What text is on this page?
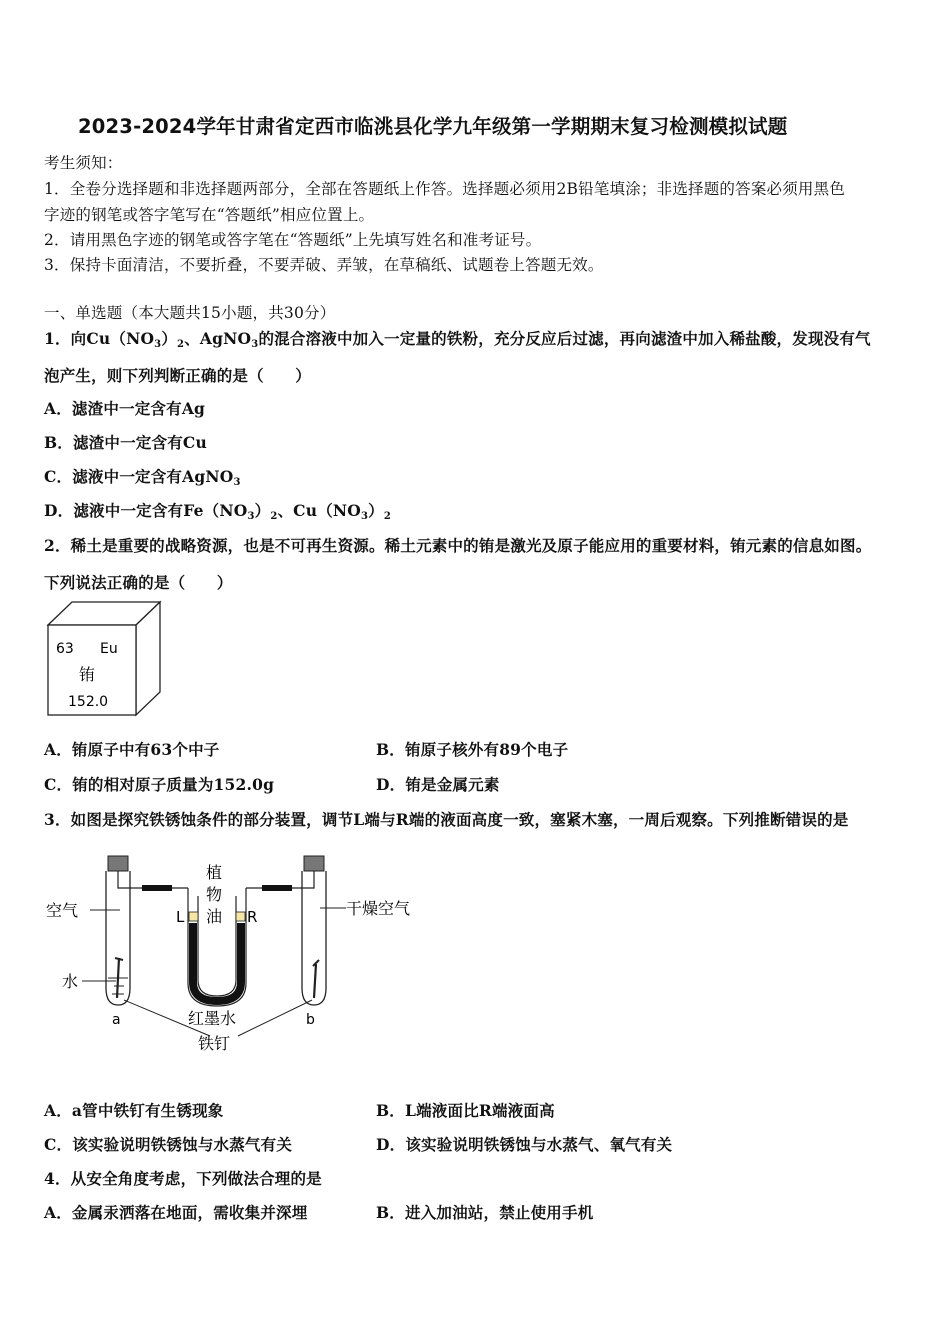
2023-2024学年甘肃省定西市临洮县化学九年级第一学期期末复习检测模拟试题
考生须知：
1．全卷分选择题和非选择题两部分，全部在答题纸上作答。选择题必须用2B铅笔填涂；非选择题的答案必须用黑色
字迹的钢笔或答字笔写在“答题纸”相应位置上。
2．请用黑色字迹的钢笔或答字笔在“答题纸”上先填写姓名和准考证号。
3．保持卡面清洁，不要折叠，不要弄破、弄皱，在草稿纸、试题卷上答题无效。
一、单选题（本大题共15小题，共30分）
1．向$Cu(NO_3)_2$、AgNO$_3$的混合溶液中加入一定量的铁粉，充分反应后过滤，再向滤渣中加入稀盐酸，发现没有气
泡产生，则下列判断正确的是（　　）
A．滤渣中一定含有Ag
B．滤渣中一定含有Cu
C．滤液中一定含有AgNO$_3$
D．滤液中一定含有$Fe(NO_3)_2$、$Cu(NO_3)_2$
2．稀土是重要的战略资源，也是不可再生资源。稀土元素中的铕是激光及原子能应用的重要材料，铕元素的信息如图。
下列说法正确的是（　　）
63 Eu
铕
152.0
A．铕原子中有63个中子	B．铕原子核外有89个电子
C．铕的相对原子质量为152.0g	D．铕是金属元素
3．如图是探究铁锈蚀条件的部分装置，调节L端与R端的液面高度一致，塞紧木塞，一周后观察。下列推断错误的是
空气	干燥空气
植
物
油
L	R
水
红墨水
铁钉
a	b
A．a管中铁钉有生锈现象	B．L端液面比R端液面高
C．该实验说明铁锈蚀与水蒸气有关	D．该实验说明铁锈蚀与水蒸气、氧气有关
4．从安全角度考虑，下列做法合理的是
A．金属汞洒落在地面，需收集并深埋	B．进入加油站，禁止使用手机
